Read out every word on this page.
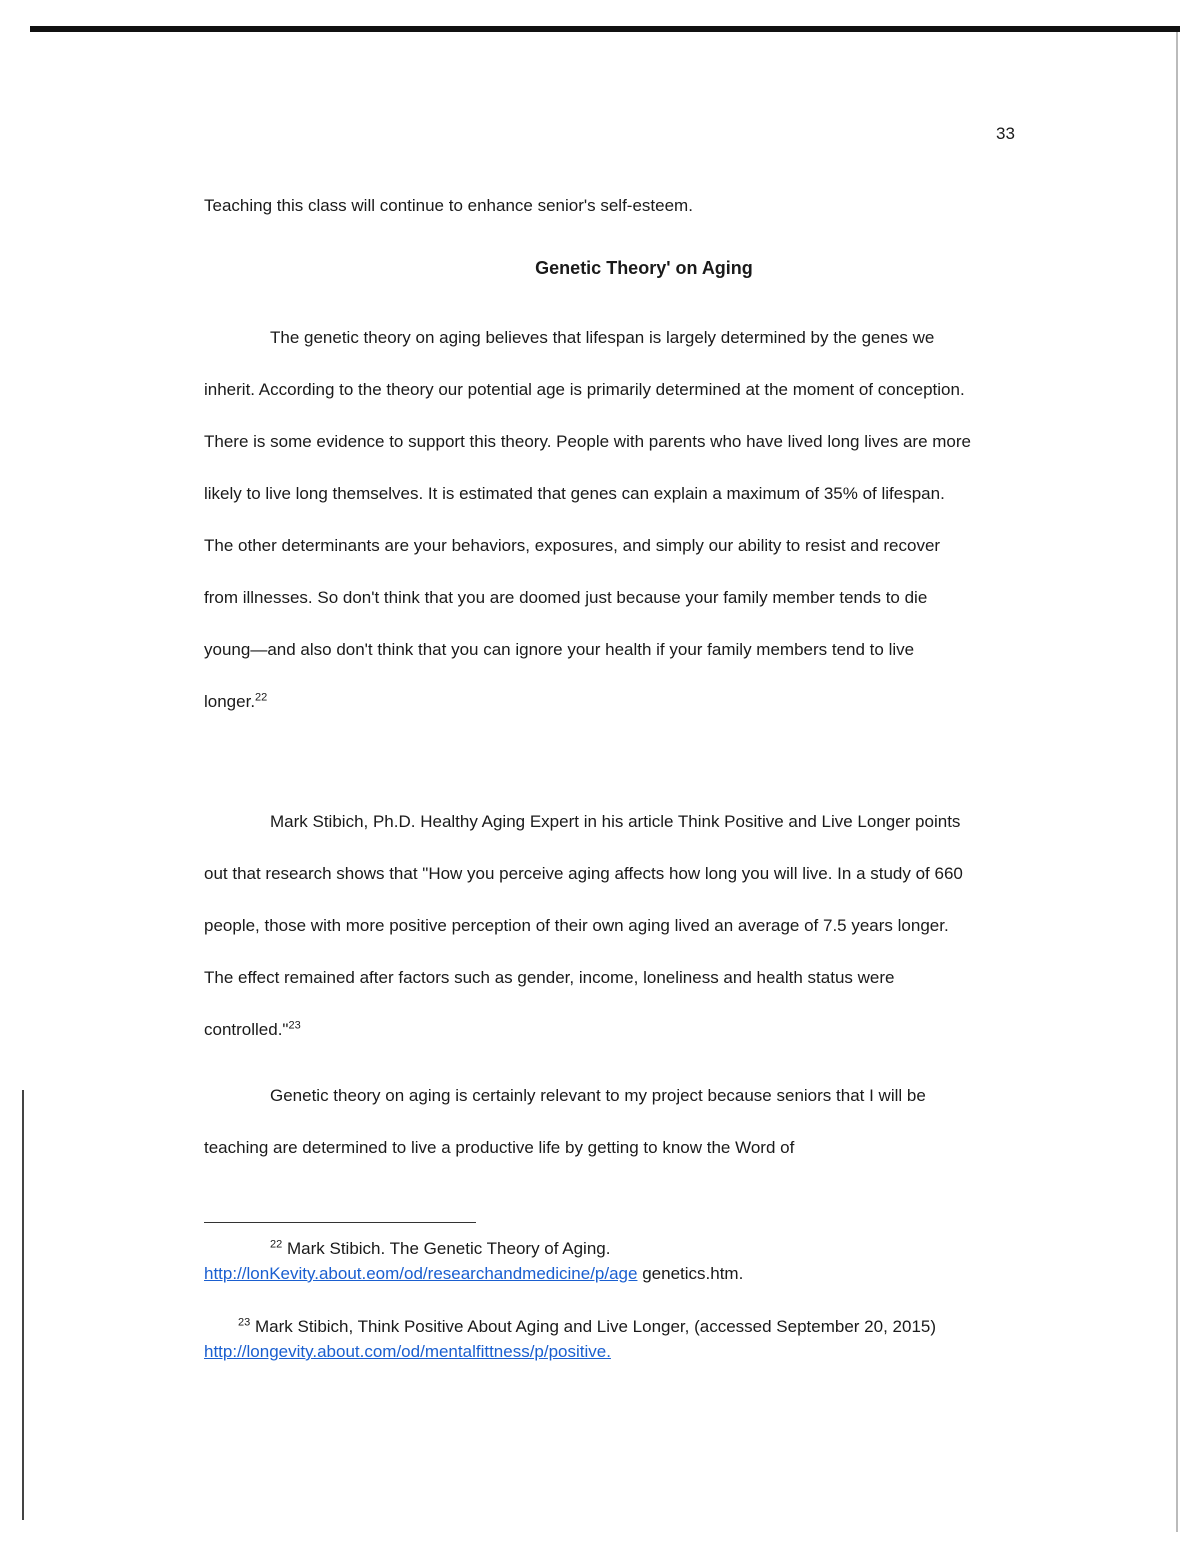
33
Teaching this class will continue to enhance senior's self-esteem.
Genetic Theory' on Aging

The genetic theory on aging believes that lifespan is largely determined by the genes we inherit. According to the theory our potential age is primarily determined at the moment of conception. There is some evidence to support this theory. People with parents who have lived long lives are more likely to live long themselves. It is estimated that genes can explain a maximum of 35% of lifespan. The other determinants are your behaviors, exposures, and simply our ability to resist and recover from illnesses. So don't think that you are doomed just because your family member tends to die young—and also don't think that you can ignore your health if your family members tend to live longer.$^{22}$

Mark Stibich, Ph.D. Healthy Aging Expert in his article Think Positive and Live Longer points out that research shows that "How you perceive aging affects how long you will live. In a study of 660 people, those with more positive perception of their own aging lived an average of 7.5 years longer. The effect remained after factors such as gender, income, loneliness and health status were controlled."$^{23}$

Genetic theory on aging is certainly relevant to my project because seniors that I will be teaching are determined to live a productive life by getting to know the Word of

$^{22}$ Mark Stibich. The Genetic Theory of Aging. http://lonKevity.about.eom/od/researchandmedicine/p/age genetics.htm.
$^{23}$ Mark Stibich, Think Positive About Aging and Live Longer, (accessed September 20, 2015) http://longevity.about.com/od/mentalfittness/p/positive.
